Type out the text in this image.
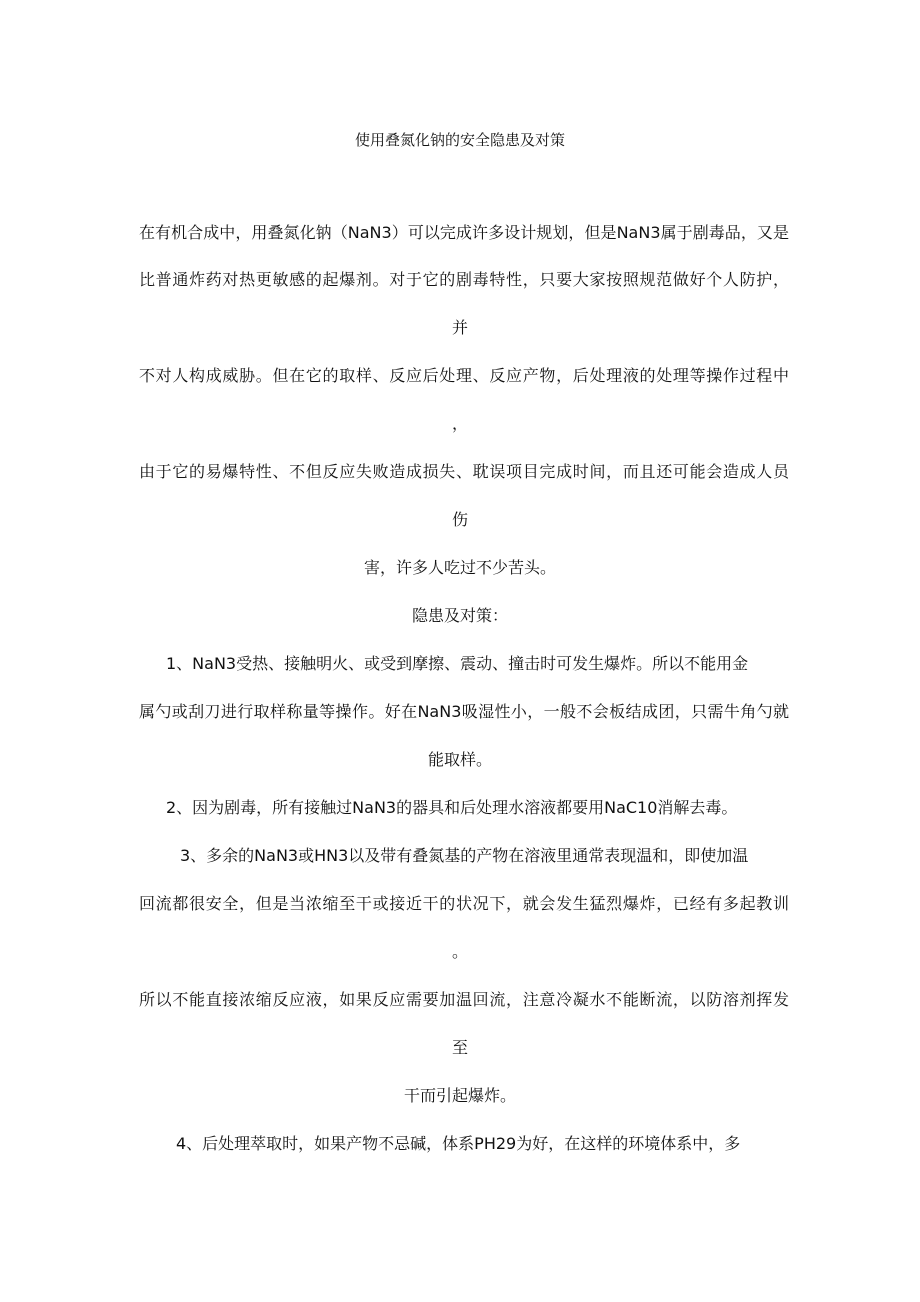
使用叠氮化钠的安全隐患及对策
在有机合成中，用叠氮化钠（NaN3）可以完成许多设计规划，但是NaN3属于剧毒品，又是
比普通炸药对热更敏感的起爆剂。对于它的剧毒特性，只要大家按照规范做好个人防护，
并
不对人构成威胁。但在它的取样、反应后处理、反应产物，后处理液的处理等操作过程中
，
由于它的易爆特性、不但反应失败造成损失、耽误项目完成时间，而且还可能会造成人员
伤
害，许多人吃过不少苦头。
隐患及对策：
1、NaN3受热、接触明火、或受到摩擦、震动、撞击时可发生爆炸。所以不能用金
属勺或刮刀进行取样称量等操作。好在NaN3吸湿性小，一般不会板结成团，只需牛角勺就
能取样。
2、因为剧毒，所有接触过NaN3的器具和后处理水溶液都要用NaC10消解去毒。
3、多余的NaN3或HN3以及带有叠氮基的产物在溶液里通常表现温和，即使加温
回流都很安全，但是当浓缩至干或接近干的状况下，就会发生猛烈爆炸，已经有多起教训
。
所以不能直接浓缩反应液，如果反应需要加温回流，注意冷凝水不能断流，以防溶剂挥发
至
干而引起爆炸。
4、后处理萃取时，如果产物不忌碱，体系PH29为好，在这样的环境体系中，多
